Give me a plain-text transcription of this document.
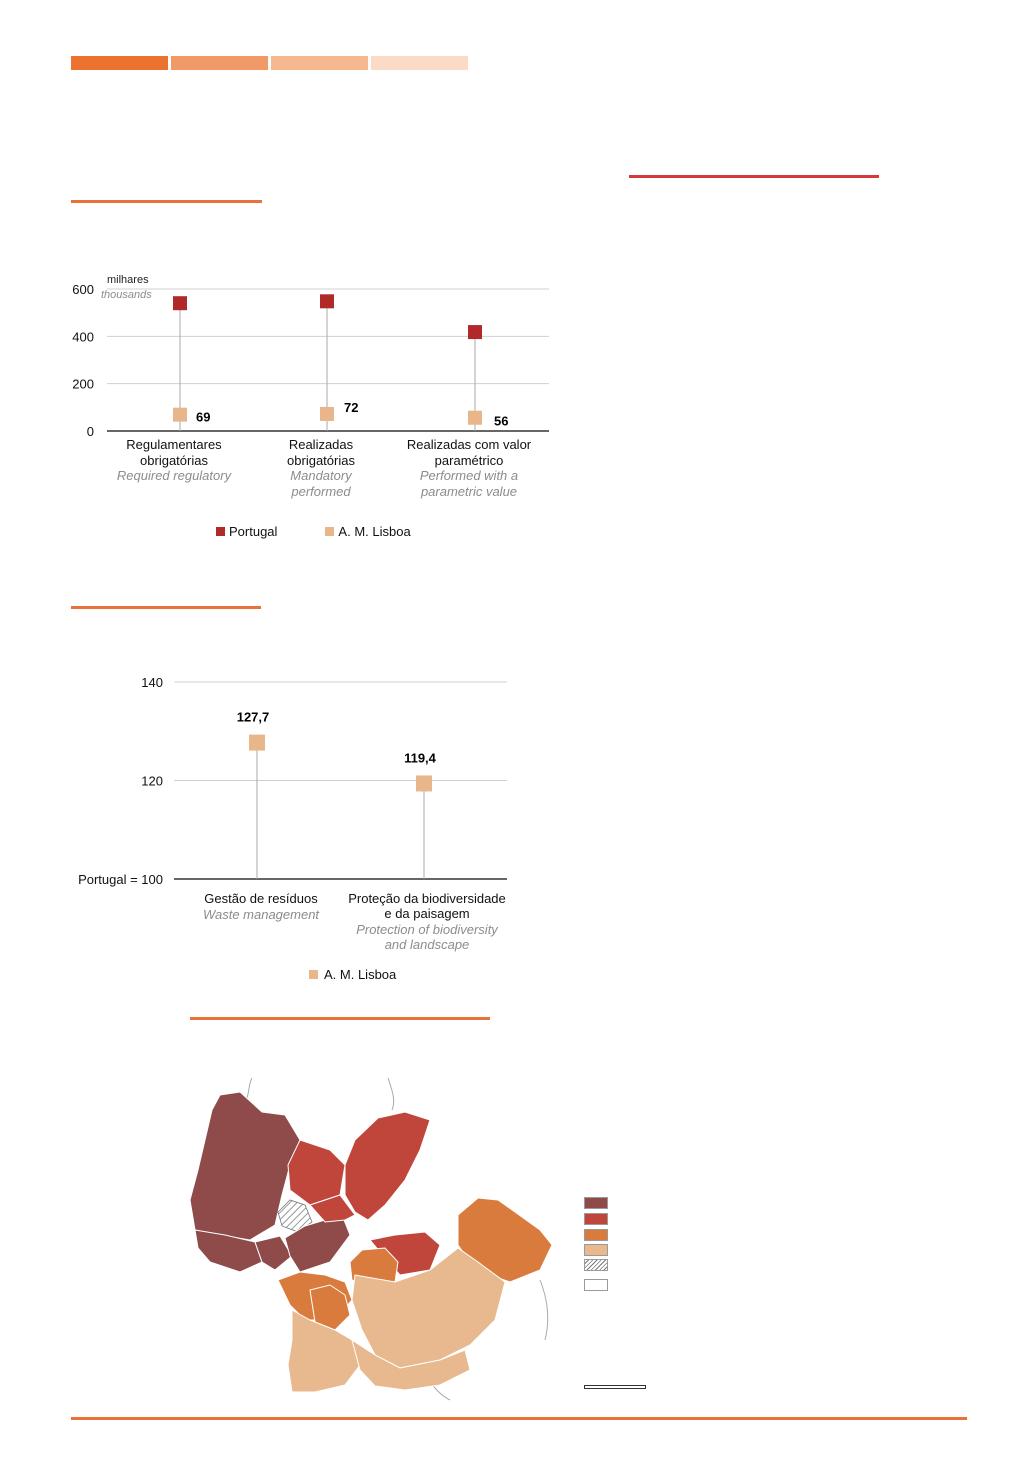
69
72
56
600
400
200
0
milhares
thousands
Regulamentares
obrigatórias
Required regulatory
Realizadas
obrigatórias
Mandatory
performed
Realizadas com valor
paramétrico
Performed with a
parametric value
Portugal	A. M. Lisboa
127,7
119,4
140
120
Portugal = 100
Gestão de resíduos
Waste management
Proteção da biodiversidade
e da paisagem
Protection of biodiversity
and landscape
A. M. Lisboa
